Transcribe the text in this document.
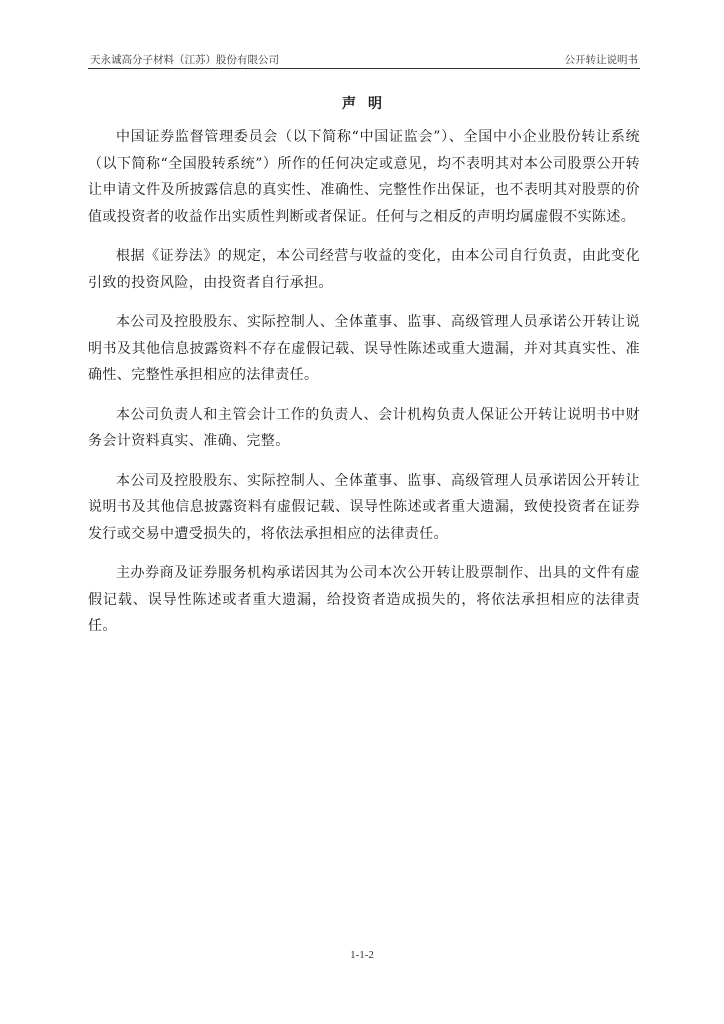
天永诚高分子材料（江苏）股份有限公司	公开转让说明书
声明

中国证券监督管理委员会（以下简称“中国证监会”）、全国中小企业股份转让系统（以下简称“全国股转系统”）所作的任何决定或意见，均不表明其对本公司股票公开转让申请文件及所披露信息的真实性、准确性、完整性作出保证，也不表明其对股票的价值或投资者的收益作出实质性判断或者保证。任何与之相反的声明均属虚假不实陈述。

根据《证券法》的规定，本公司经营与收益的变化，由本公司自行负责，由此变化引致的投资风险，由投资者自行承担。

本公司及控股股东、实际控制人、全体董事、监事、高级管理人员承诺公开转让说明书及其他信息披露资料不存在虚假记载、误导性陈述或重大遗漏，并对其真实性、准确性、完整性承担相应的法律责任。

本公司负责人和主管会计工作的负责人、会计机构负责人保证公开转让说明书中财务会计资料真实、准确、完整。

本公司及控股股东、实际控制人、全体董事、监事、高级管理人员承诺因公开转让说明书及其他信息披露资料有虚假记载、误导性陈述或者重大遗漏，致使投资者在证券发行或交易中遭受损失的，将依法承担相应的法律责任。

主办券商及证券服务机构承诺因其为公司本次公开转让股票制作、出具的文件有虚假记载、误导性陈述或者重大遗漏，给投资者造成损失的，将依法承担相应的法律责任。

1-1-2
